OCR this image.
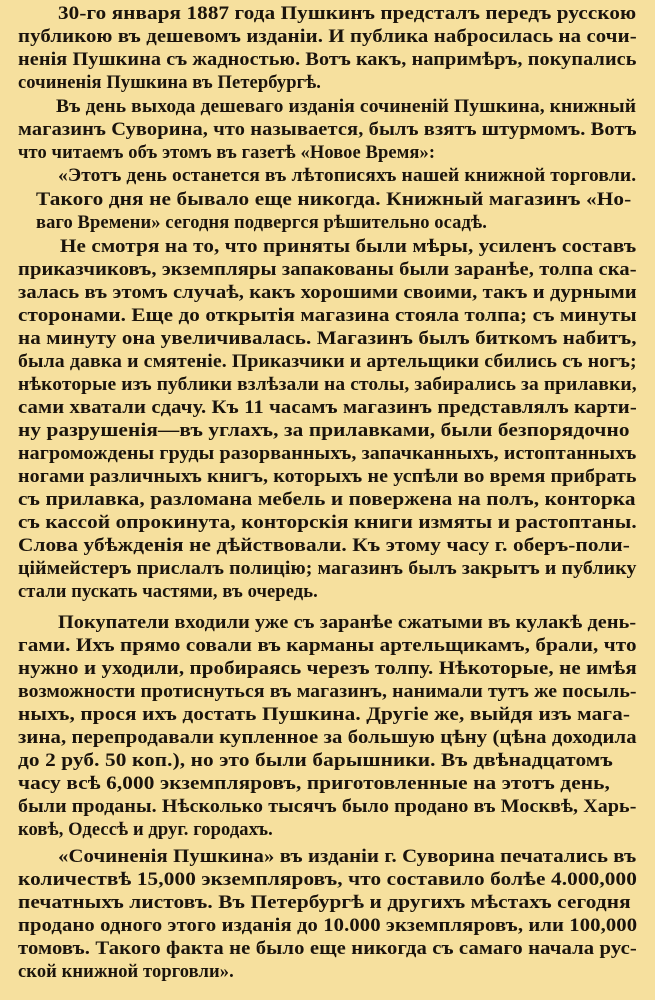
30-го января 1887 года Пушкинъ предсталъ передъ русскою
публикою въ дешевомъ изданіи. И публика набросилась на сочи-
ненія Пушкина съ жадностью. Вотъ какъ, напримѣръ, покупались
сочиненія Пушкина въ Петербургѣ.
Въ день выхода дешеваго изданія сочиненій Пушкина, книжный
магазинъ Суворина, что называется, былъ взятъ штурмомъ. Вотъ
что читаемъ объ этомъ въ газетѣ «Новое Время»:
«Этотъ день останется въ лѣтописяхъ нашей книжной торговли.
Такого дня не бывало еще никогда. Книжный магазинъ «Но-
ваго Времени» сегодня подвергся рѣшительно осадѣ.
Не смотря на то, что приняты были мѣры, усиленъ составъ
приказчиковъ, экземпляры запакованы были заранѣе, толпа ска-
залась въ этомъ случаѣ, какъ хорошими своими, такъ и дурными
сторонами. Еще до открытія магазина стояла толпа; съ минуты
на минуту она увеличивалась. Магазинъ былъ биткомъ набитъ,
была давка и смятеніе. Приказчики и артельщики сбились съ ногъ;
нѣкоторые изъ публики взлѣзали на столы, забирались за прилавки,
сами хватали сдачу. Къ 11 часамъ магазинъ представлялъ карти-
ну разрушенія—въ углахъ, за прилавками, были безпорядочно
нагромождены груды разорванныхъ, запачканныхъ, истоптанныхъ
ногами различныхъ книгъ, которыхъ не успѣли во время прибрать
съ прилавка, разломана мебель и повержена на полъ, конторка
съ кассой опрокинута, конторскія книги измяты и растоптаны.
Слова убѣжденія не дѣйствовали. Къ этому часу г. оберъ-поли-
ціймейстеръ прислалъ полицію; магазинъ былъ закрытъ и публику
стали пускать частями, въ очередь.
Покупатели входили уже съ заранѣе сжатыми въ кулакѣ день-
гами. Ихъ прямо совали въ карманы артельщикамъ, брали, что
нужно и уходили, пробираясь черезъ толпу. Нѣкоторые, не имѣя
возможности протиснуться въ магазинъ, нанимали тутъ же посыль-
ныхъ, прося ихъ достать Пушкина. Другіе же, выйдя изъ мага-
зина, перепродавали купленное за большую цѣну (цѣна доходила
до 2 руб. 50 коп.), но это были барышники. Въ двѣнадцатомъ
часу всѣ 6,000 экземпляровъ, приготовленные на этотъ день,
были проданы. Нѣсколько тысячъ было продано въ Москвѣ, Харь-
ковѣ, Одессѣ и друг. городахъ.
«Сочиненія Пушкина» въ изданіи г. Суворина печатались въ
количествѣ 15,000 экземпляровъ, что составило болѣе 4.000,000
печатныхъ листовъ. Въ Петербургѣ и другихъ мѣстахъ сегодня
продано одного этого изданія до 10.000 экземпляровъ, или 100,000
томовъ. Такого факта не было еще никогда съ самаго начала рус-
ской книжной торговли».
